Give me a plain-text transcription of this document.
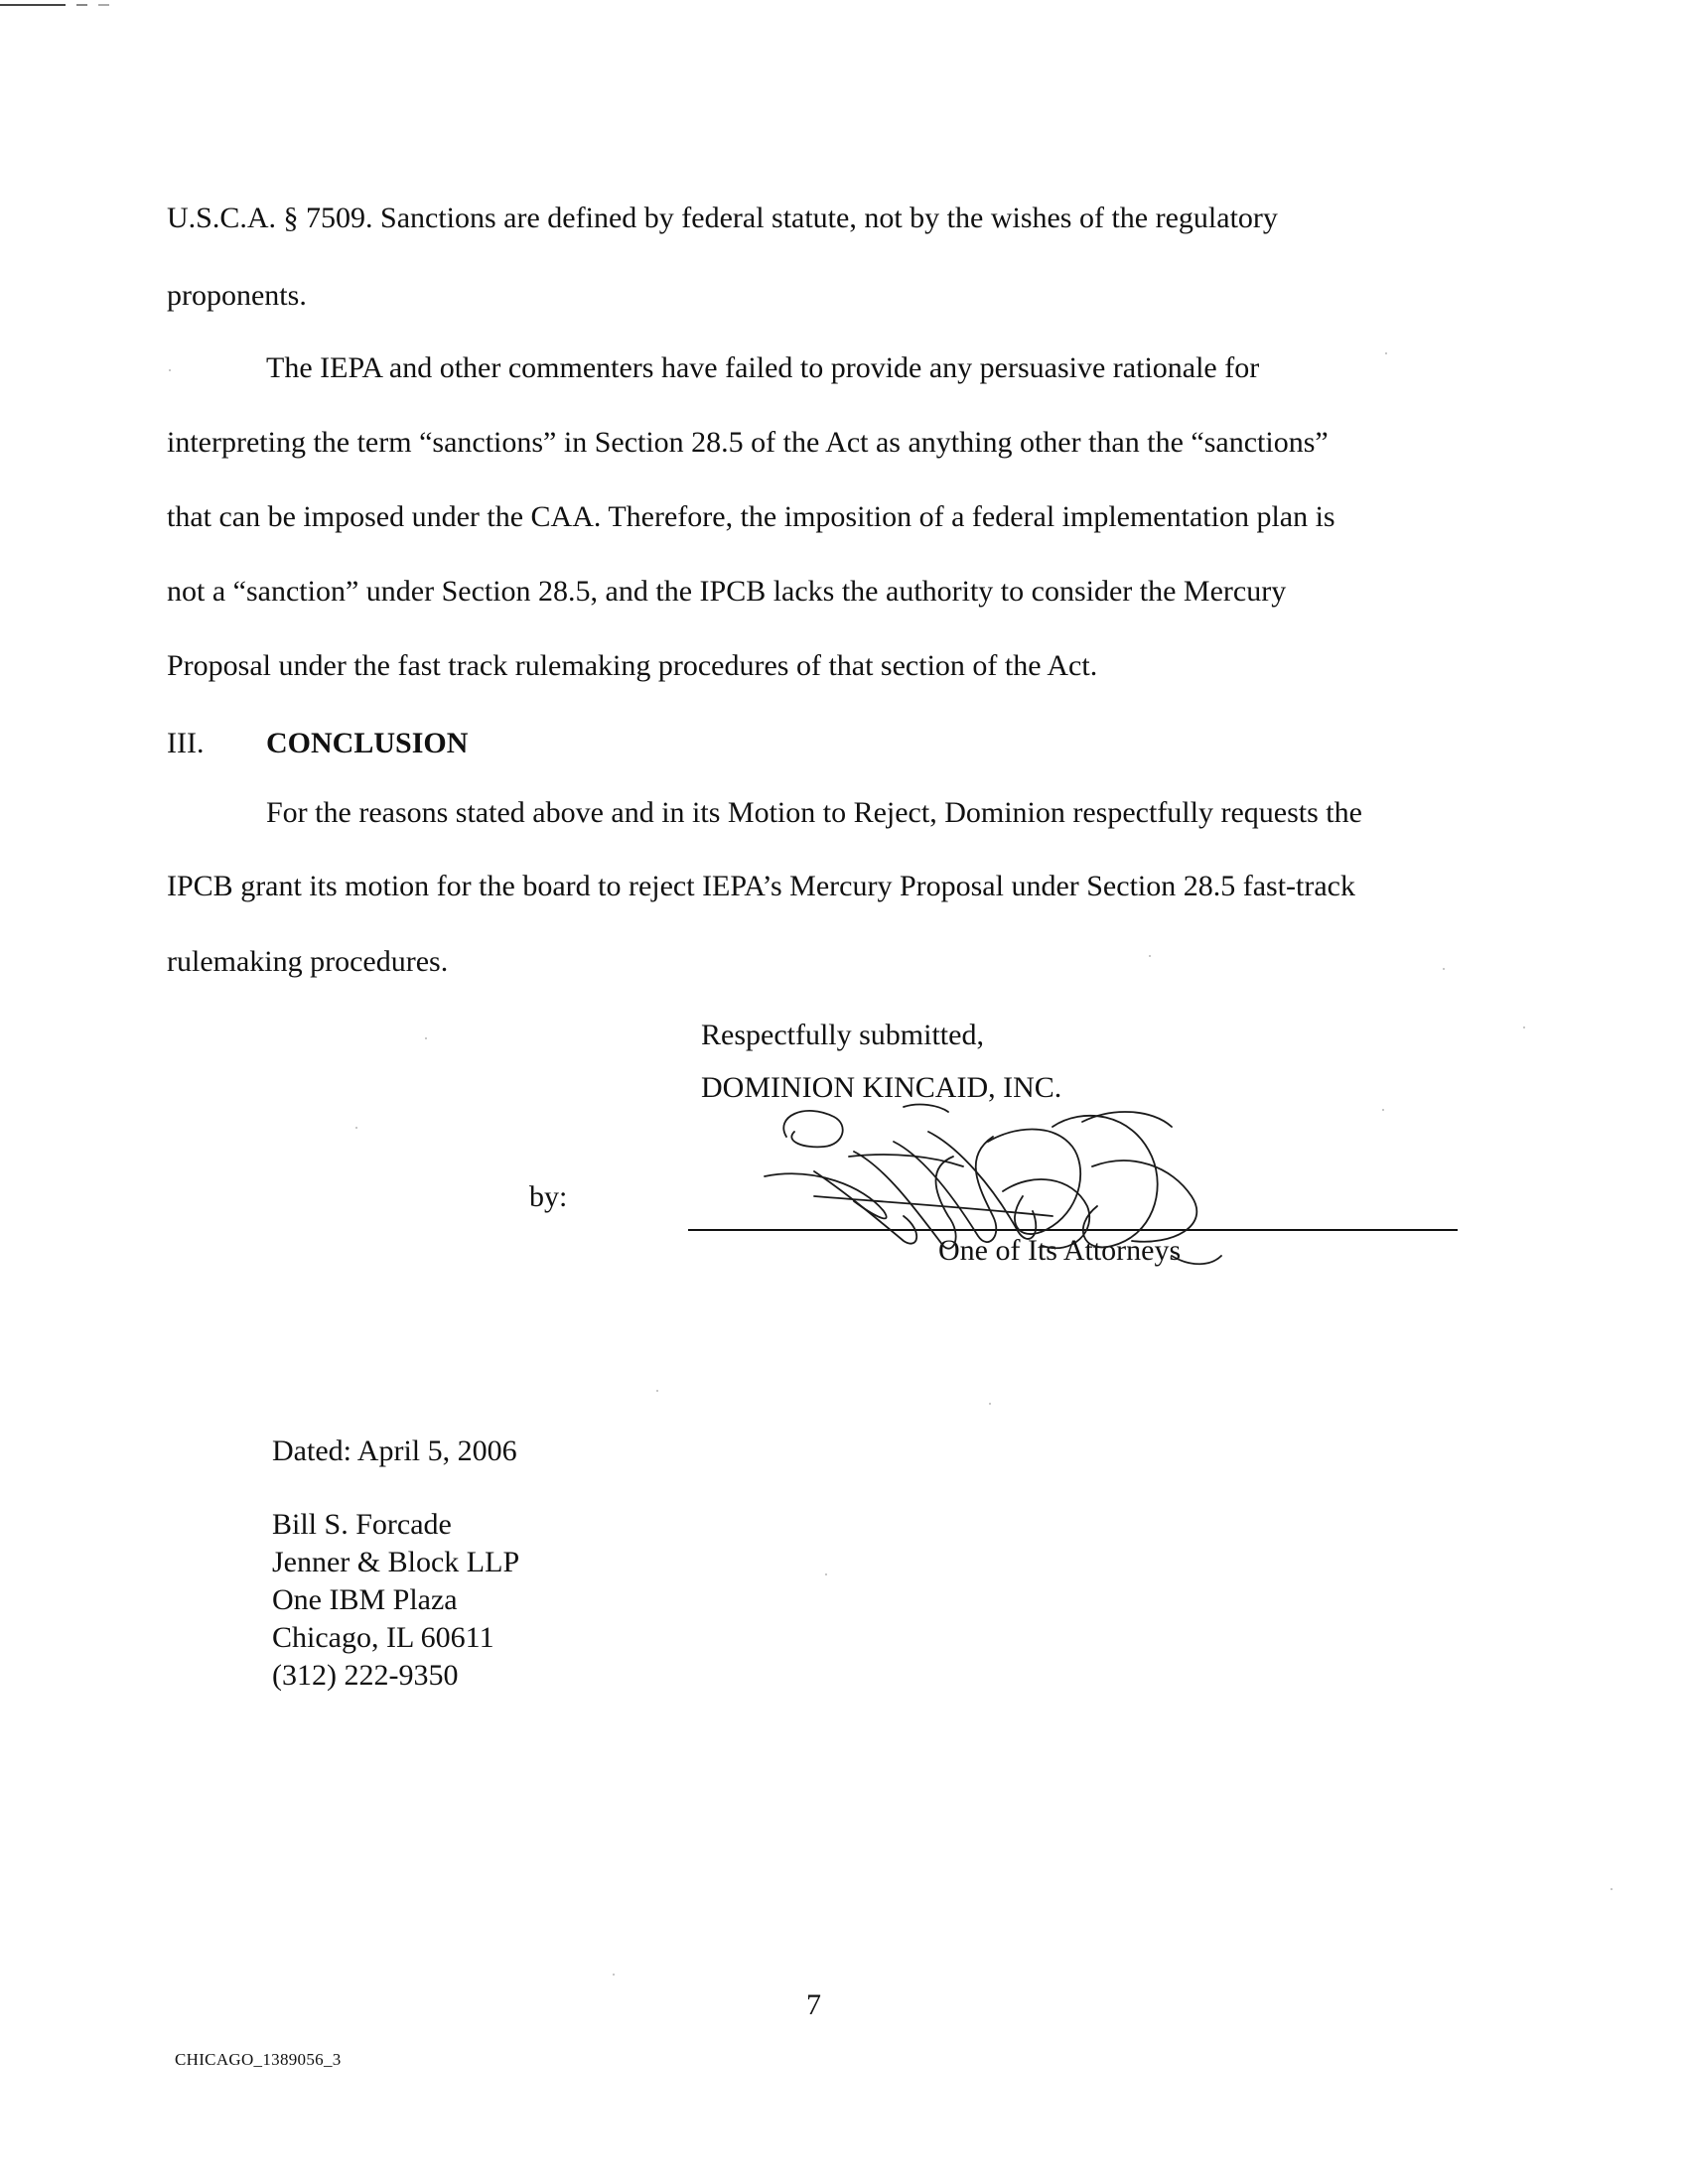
U.S.C.A. § 7509. Sanctions are defined by federal statute, not by the wishes of the regulatory
proponents.
The IEPA and other commenters have failed to provide any persuasive rationale for
interpreting the term “sanctions” in Section 28.5 of the Act as anything other than the “sanctions”
that can be imposed under the CAA. Therefore, the imposition of a federal implementation plan is
not a “sanction” under Section 28.5, and the IPCB lacks the authority to consider the Mercury
Proposal under the fast track rulemaking procedures of that section of the Act.
III. CONCLUSION
For the reasons stated above and in its Motion to Reject, Dominion respectfully requests the
IPCB grant its motion for the board to reject IEPA’s Mercury Proposal under Section 28.5 fast-track
rulemaking procedures.
Respectfully submitted,
DOMINION KINCAID, INC.
by:
One of Its Attorneys
Dated: April 5, 2006
Bill S. Forcade
Jenner & Block LLP
One IBM Plaza
Chicago, IL 60611
(312) 222-9350
7
CHICAGO_1389056_3
